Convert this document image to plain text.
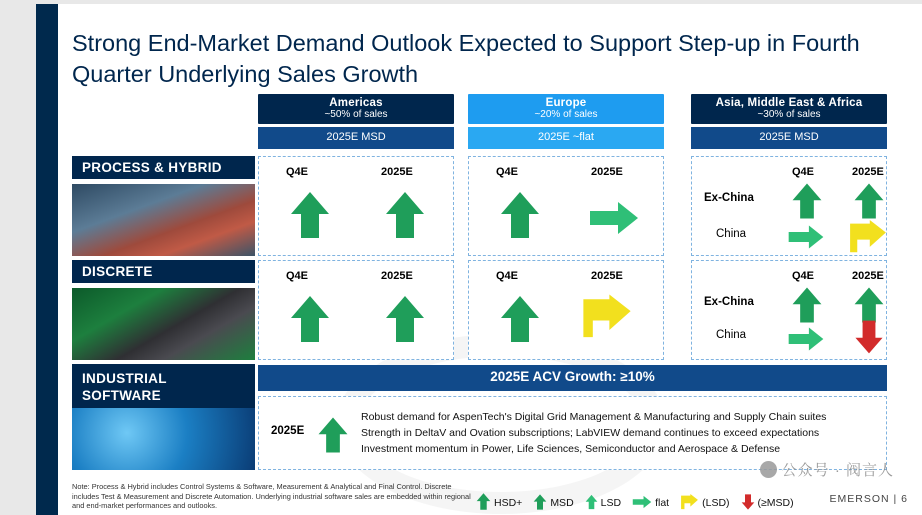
Strong End-Market Demand Outlook Expected to Support Step-up in Fourth Quarter Underlying Sales Growth
Americas
~50% of sales
2025E MSD
Europe
~20% of sales
2025E ~flat
Asia, Middle East & Africa
~30% of sales
2025E MSD
PROCESS & HYBRID
DISCRETE
INDUSTRIAL SOFTWARE
Q4E	2025E	Q4E	2025E	Q4E	2025E
Ex-China
China
Q4E	2025E	Q4E	2025E	Q4E	2025E
Ex-China
China
2025E ACV Growth: ≥10%
2025E
Robust demand for AspenTech's Digital Grid Management & Manufacturing and Supply Chain suites
Strength in DeltaV and Ovation subscriptions; LabVIEW demand continues to exceed expectations
Investment momentum in Power, Life Sciences, Semiconductor and Aerospace & Defense
Note: Process & Hybrid includes Control Systems & Software, Measurement & Analytical and Final Control. Discrete includes Test & Measurement and Discrete Automation. Underlying industrial software sales are embedded within regional and end-market performances and outlooks.	HSD+	MSD	LSD	flat	(LSD)	(≥MSD)	EMERSON | 6
公众号 · 阀言人
